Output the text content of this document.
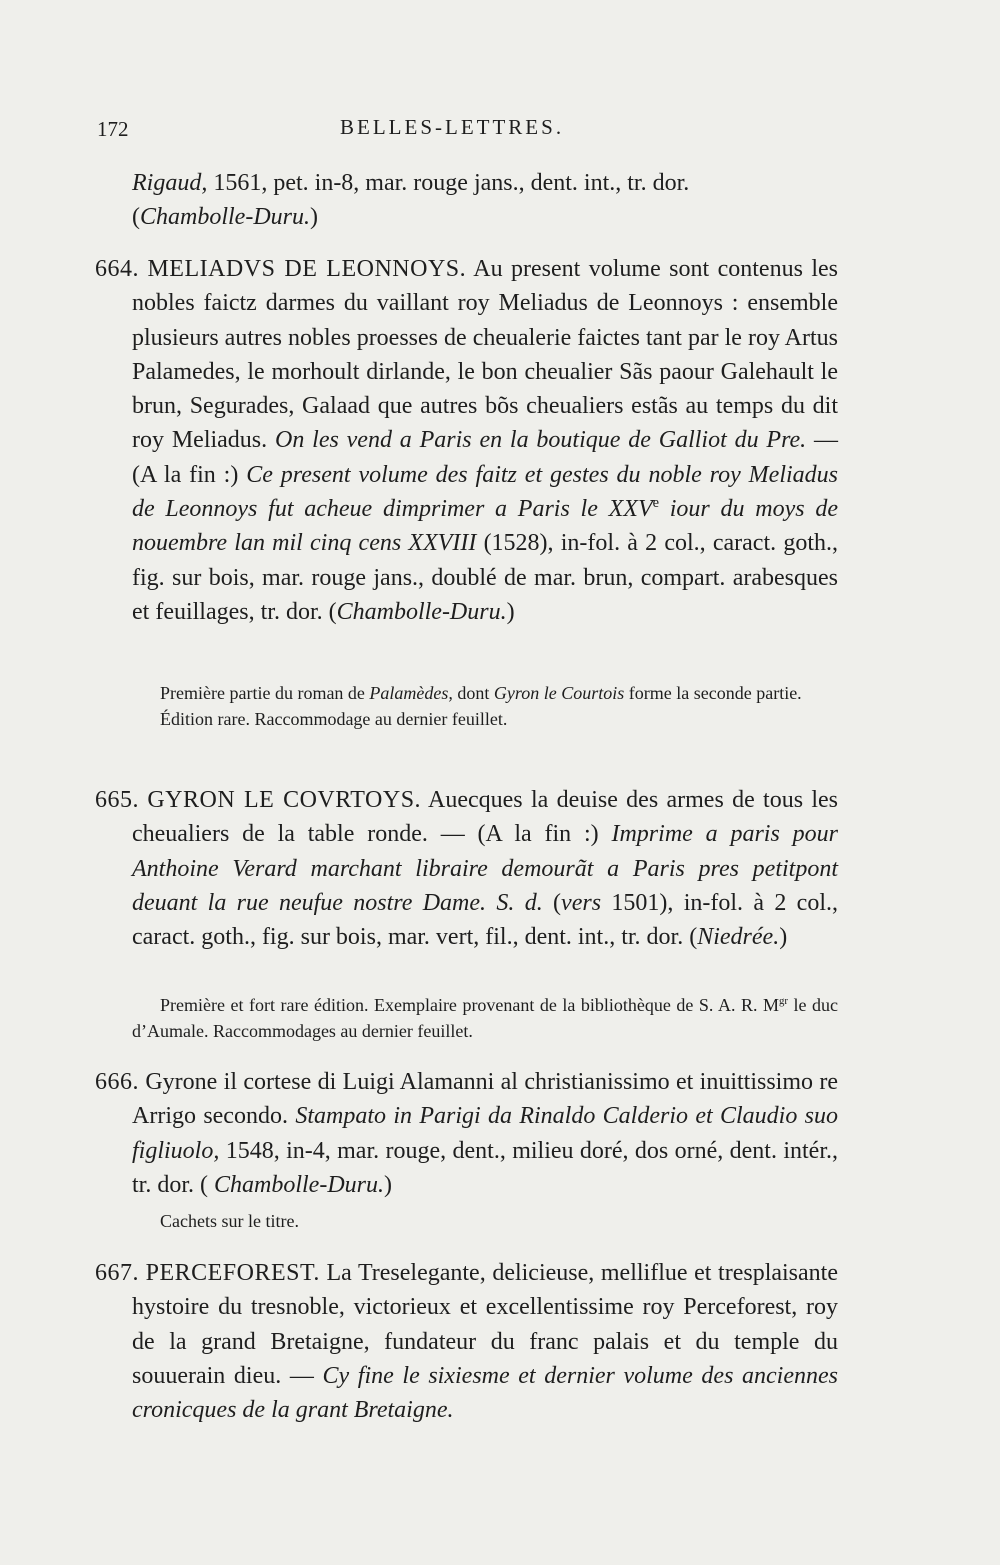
172	BELLES-LETTRES.
Rigaud, 1561, pet. in-8, mar. rouge jans., dent. int., tr. dor.
(Chambolle-Duru.)
664. MELIADVS DE LEONNOYS. Au present volume sont contenus les nobles faictz darmes du vaillant roy Meliadus de Leonnoys : ensemble plusieurs autres nobles proesses de cheualerie faictes tant par le roy Artus Palamedes, le morhoult dirlande, le bon cheualier Sãs paour Galehault le brun, Segurades, Galaad que autres bõs cheualiers estãs au temps du dit roy Meliadus. On les vend a Paris en la boutique de Galliot du Pre. — (A la fin :) Ce present volume des faitz et gestes du noble roy Meliadus de Leonnoys fut acheue dimprimer a Paris le XXVe iour du moys de nouembre lan mil cinq cens XXVIII (1528), in-fol. à 2 col., caract. goth., fig. sur bois, mar. rouge jans., doublé de mar. brun, compart. arabesques et feuillages, tr. dor. (Chambolle-Duru.)
Première partie du roman de Palamèdes, dont Gyron le Courtois forme la seconde partie.
Édition rare. Raccommodage au dernier feuillet.
665. GYRON LE COVRTOYS. Auecques la deuise des armes de tous les cheualiers de la table ronde. — (A la fin :) Imprime a paris pour Anthoine Verard marchant libraire demourãt a Paris pres petitpont deuant la rue neufue nostre Dame. S. d. (vers 1501), in-fol. à 2 col., caract. goth., fig. sur bois, mar. vert, fil., dent. int., tr. dor. (Niedrée.)
Première et fort rare édition. Exemplaire provenant de la bibliothèque de S. A. R. $M^{gr}$ le duc d’Aumale. Raccommodages au dernier feuillet.
666. Gyrone il cortese di Luigi Alamanni al christianissimo et inuittissimo re Arrigo secondo. Stampato in Parigi da Rinaldo Calderio et Claudio suo figliuolo, 1548, in-4, mar. rouge, dent., milieu doré, dos orné, dent. intér., tr. dor. ( Chambolle-Duru.)
Cachets sur le titre.
667. PERCEFOREST. La Treselegante, delicieuse, melliflue et tresplaisante hystoire du tresnoble, victorieux et excellentissime roy Perceforest, roy de la grand Bretaigne, fundateur du franc palais et du temple du souuerain dieu. — Cy fine le sixiesme et dernier volume des anciennes cronicques de la grant Bretaigne.
